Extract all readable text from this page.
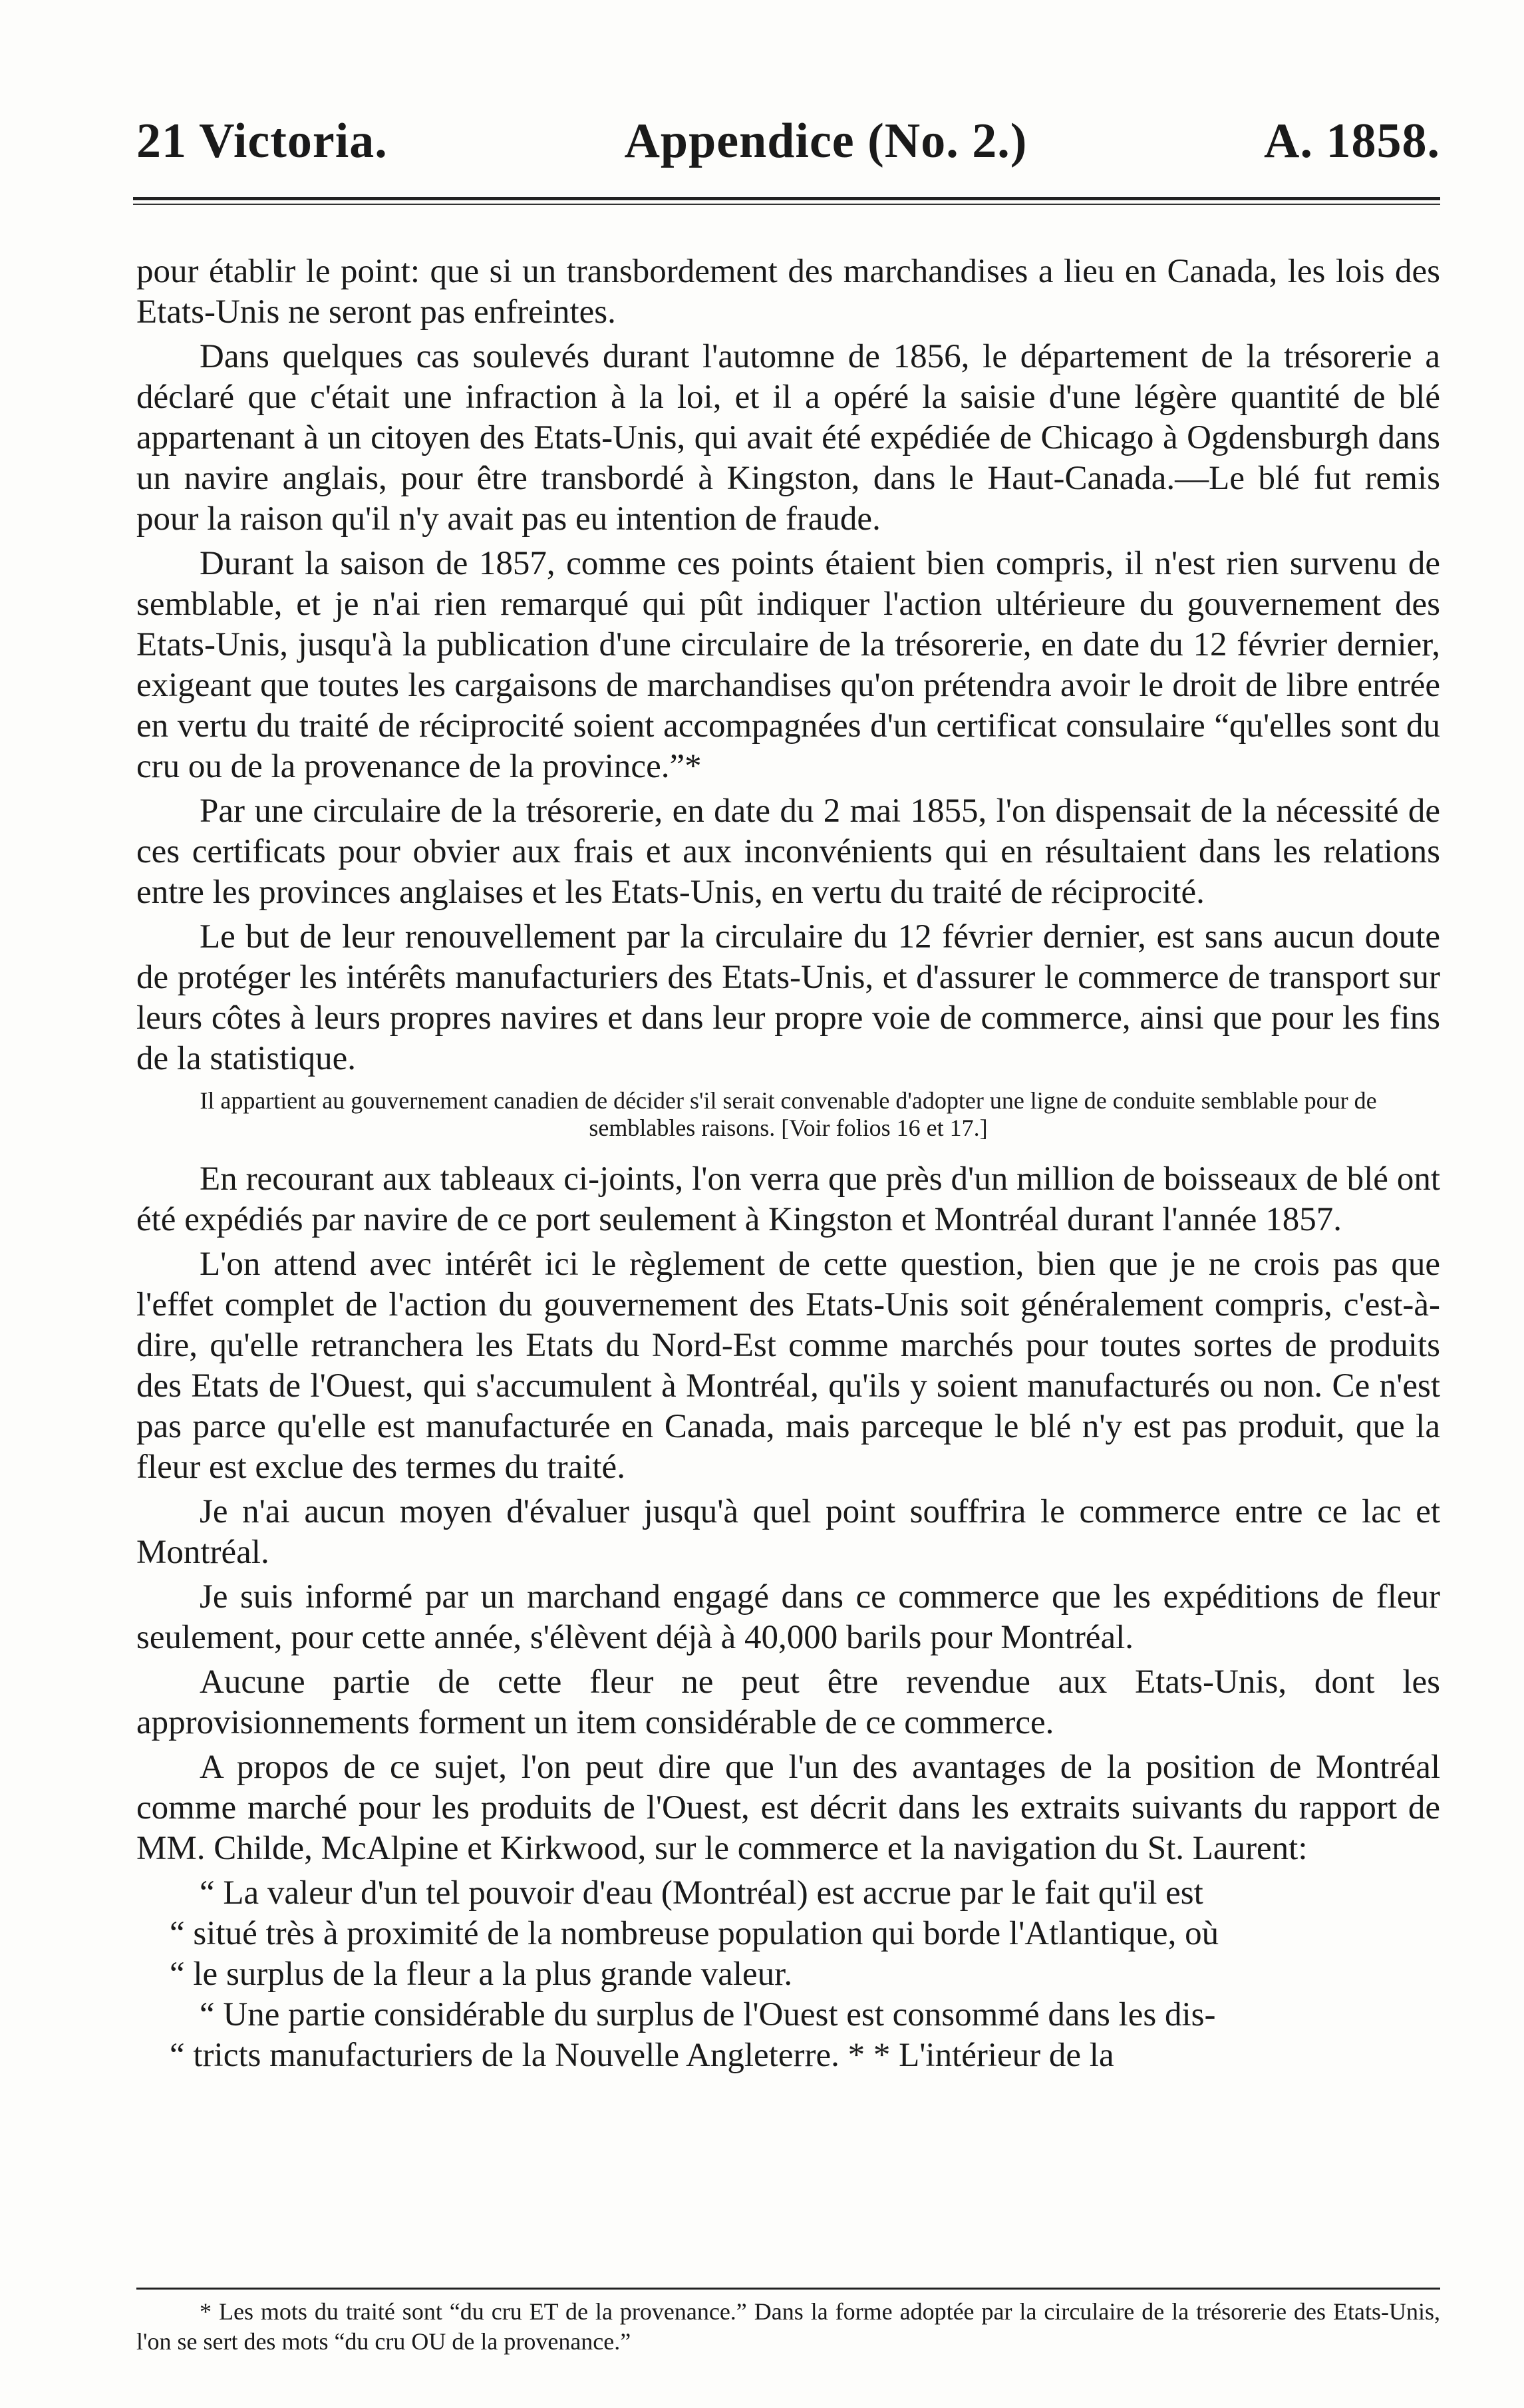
21 Victoria.	Appendice (No. 2.)	A. 1858.

pour établir le point: que si un transbordement des marchandises a lieu en Canada, les lois des Etats-Unis ne seront pas enfreintes.

Dans quelques cas soulevés durant l'automne de 1856, le département de la trésorerie a déclaré que c'était une infraction à la loi, et il a opéré la saisie d'une légère quantité de blé appartenant à un citoyen des Etats-Unis, qui avait été expédiée de Chicago à Ogdensburgh dans un navire anglais, pour être transbordé à Kingston, dans le Haut-Canada.—Le blé fut remis pour la raison qu'il n'y avait pas eu intention de fraude.

Durant la saison de 1857, comme ces points étaient bien compris, il n'est rien survenu de semblable, et je n'ai rien remarqué qui pût indiquer l'action ultérieure du gouvernement des Etats-Unis, jusqu'à la publication d'une circulaire de la trésorerie, en date du 12 février dernier, exigeant que toutes les cargaisons de marchandises qu'on prétendra avoir le droit de libre entrée en vertu du traité de réciprocité soient accompagnées d'un certificat consulaire “qu'elles sont du cru ou de la provenance de la province.”*

Par une circulaire de la trésorerie, en date du 2 mai 1855, l'on dispensait de la nécessité de ces certificats pour obvier aux frais et aux inconvénients qui en résultaient dans les relations entre les provinces anglaises et les Etats-Unis, en vertu du traité de réciprocité.

Le but de leur renouvellement par la circulaire du 12 février dernier, est sans aucun doute de protéger les intérêts manufacturiers des Etats-Unis, et d'assurer le commerce de transport sur leurs côtes à leurs propres navires et dans leur propre voie de commerce, ainsi que pour les fins de la statistique.

Il appartient au gouvernement canadien de décider s'il serait convenable d'adopter une ligne de conduite semblable pour de semblables raisons. [Voir folios 16 et 17.]

En recourant aux tableaux ci-joints, l'on verra que près d'un million de boisseaux de blé ont été expédiés par navire de ce port seulement à Kingston et Montréal durant l'année 1857.

L'on attend avec intérêt ici le règlement de cette question, bien que je ne crois pas que l'effet complet de l'action du gouvernement des Etats-Unis soit généralement compris, c'est-à-dire, qu'elle retranchera les Etats du Nord-Est comme marchés pour toutes sortes de produits des Etats de l'Ouest, qui s'accumulent à Montréal, qu'ils y soient manufacturés ou non. Ce n'est pas parce qu'elle est manufacturée en Canada, mais parceque le blé n'y est pas produit, que la fleur est exclue des termes du traité.

Je n'ai aucun moyen d'évaluer jusqu'à quel point souffrira le commerce entre ce lac et Montréal.

Je suis informé par un marchand engagé dans ce commerce que les expéditions de fleur seulement, pour cette année, s'élèvent déjà à 40,000 barils pour Montréal.

Aucune partie de cette fleur ne peut être revendue aux Etats-Unis, dont les approvisionnements forment un item considérable de ce commerce.

A propos de ce sujet, l'on peut dire que l'un des avantages de la position de Montréal comme marché pour les produits de l'Ouest, est décrit dans les extraits suivants du rapport de MM. Childe, McAlpine et Kirkwood, sur le commerce et la navigation du St. Laurent:

“ La valeur d'un tel pouvoir d'eau (Montréal) est accrue par le fait qu'il est

“ situé très à proximité de la nombreuse population qui borde l'Atlantique, où

“ le surplus de la fleur a la plus grande valeur.

“ Une partie considérable du surplus de l'Ouest est consommé dans les dis-

“ tricts manufacturiers de la Nouvelle Angleterre. * * L'intérieur de la

* Les mots du traité sont “du cru ET de la provenance.” Dans la forme adoptée par la circulaire de la trésorerie des Etats-Unis, l'on se sert des mots “du cru OU de la provenance.”
